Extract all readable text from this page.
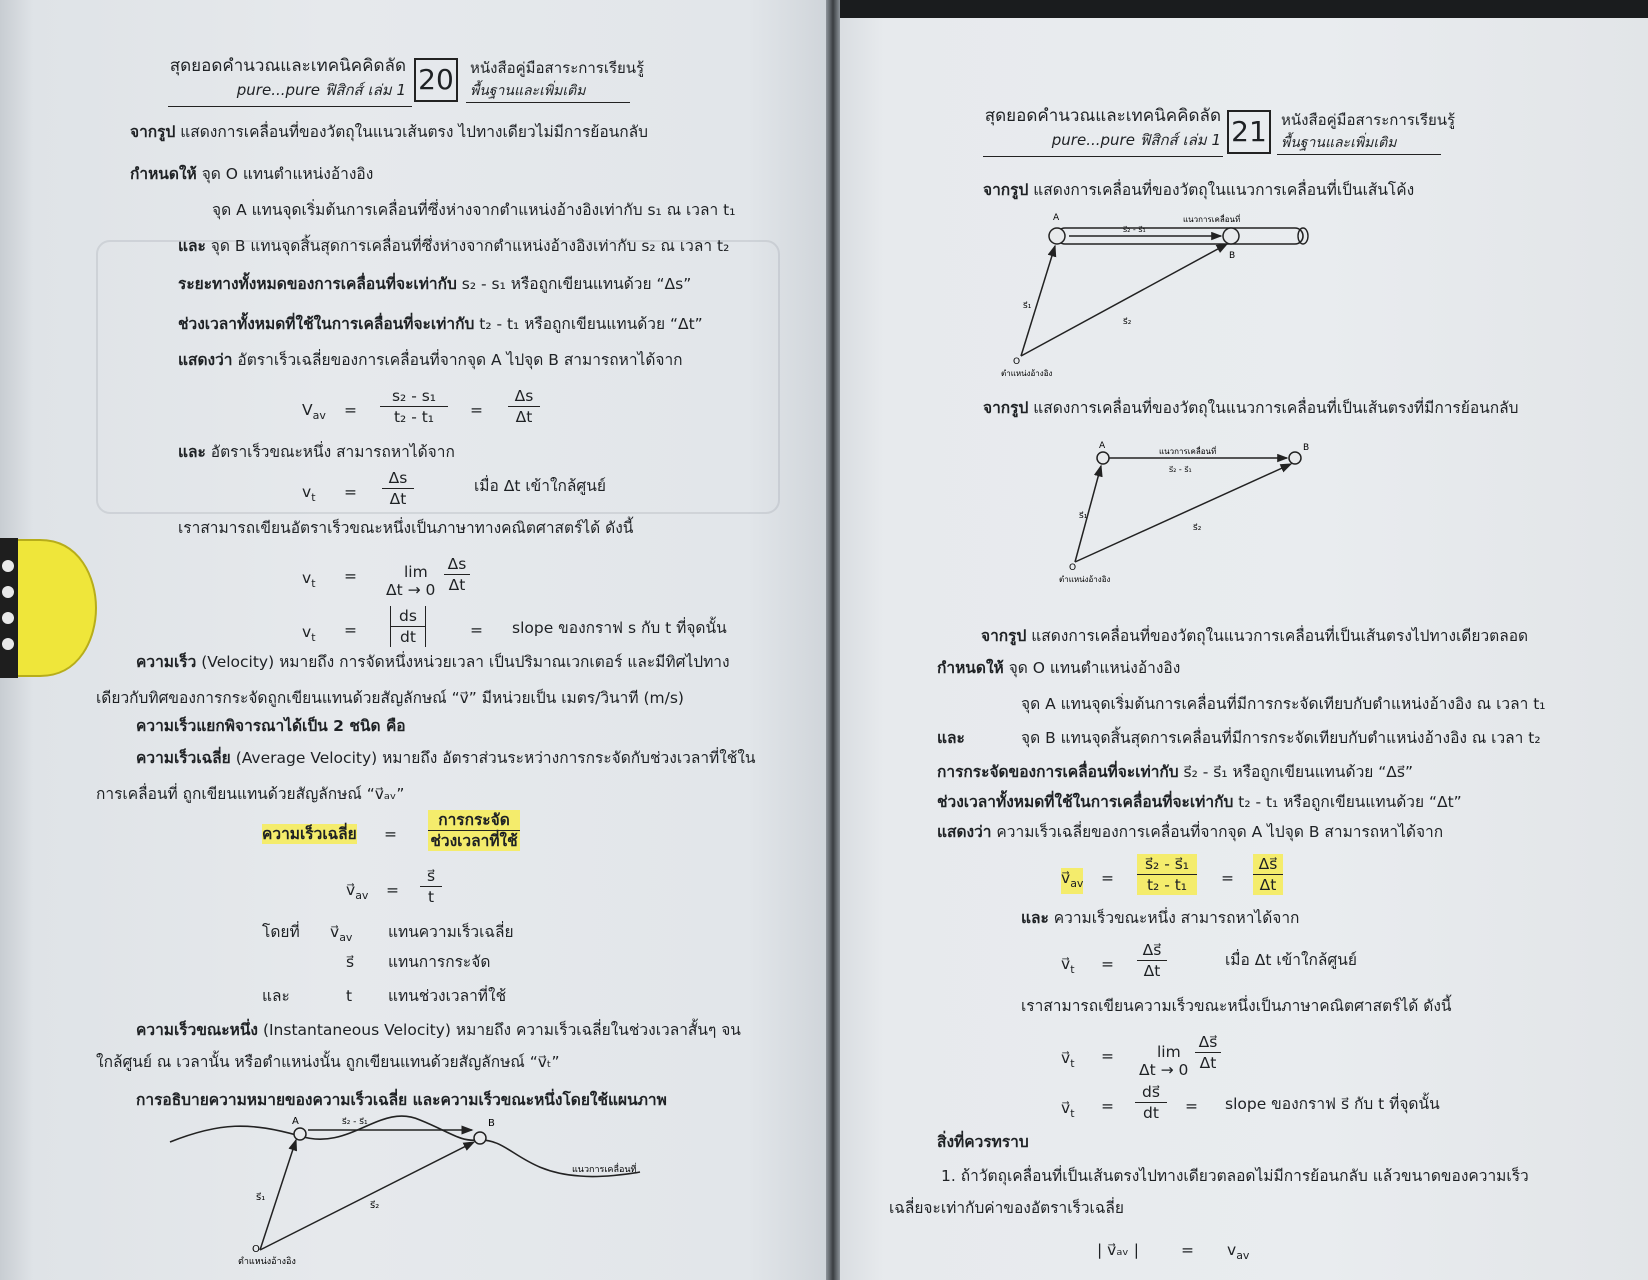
สุดยอดคำนวณและเทคนิคคิดลัด
pure...pure ฟิสิกส์ เล่ม 1 20 หนังสือคู่มือสาระการเรียนรู้
พื้นฐานและเพิ่มเติม
จากรูป แสดงการเคลื่อนที่ของวัตถุในแนวเส้นตรง ไปทางเดียวไม่มีการย้อนกลับ
กำหนดให้ จุด O แทนตำแหน่งอ้างอิง
จุด A แทนจุดเริ่มต้นการเคลื่อนที่ซึ่งห่างจากตำแหน่งอ้างอิงเท่ากับ s₁ ณ เวลา t₁
และ จุด B แทนจุดสิ้นสุดการเคลื่อนที่ซึ่งห่างจากตำแหน่งอ้างอิงเท่ากับ s₂ ณ เวลา t₂
ระยะทางทั้งหมดของการเคลื่อนที่จะเท่ากับ s₂ - s₁ หรือถูกเขียนแทนด้วย “Δs”
ช่วงเวลาทั้งหมดที่ใช้ในการเคลื่อนที่จะเท่ากับ t₂ - t₁ หรือถูกเขียนแทนด้วย “Δt”
แสดงว่า อัตราเร็วเฉลี่ยของการเคลื่อนที่จากจุด A ไปจุด B สามารถหาได้จาก
$V_{av} = \frac{\text{s₂ - s₁}}{\text{t₂ - t₁}} = \frac{\Delta s}{\Delta t}$
และ อัตราเร็วขณะหนึ่ง สามารถหาได้จาก
$v_t = \frac{\Delta s}{\Delta t}$	เมื่อ Δt เข้าใกล้ศูนย์
เราสามารถเขียนอัตราเร็วขณะหนึ่งเป็นภาษาทางคณิตศาสตร์ได้ ดังนี้
$v_t$ =	lim
$\Delta t \to 0 \frac{\Delta s}{\Delta t}$
$v_t = \frac{ds}{dt}$	= slope ของกราฟ s กับ t ที่จุดนั้น
ความเร็ว (Velocity) หมายถึง การจัดหนึ่งหน่วยเวลา เป็นปริมาณเวกเตอร์ และมีทิศไปทาง
เดียวกับทิศของการกระจัดถูกเขียนแทนด้วยสัญลักษณ์ “v⃗” มีหน่วยเป็น เมตร/วินาที (m/s)
ความเร็วแยกพิจารณาได้เป็น 2 ชนิด คือ
ความเร็วเฉลี่ย (Average Velocity) หมายถึง อัตราส่วนระหว่างการกระจัดกับช่วงเวลาที่ใช้ใน
การเคลื่อนที่ ถูกเขียนแทนด้วยสัญลักษณ์ “v⃗ₐᵥ”
ความเร็วเฉลี่ย =
การกระจัด
ช่วงเวลาที่ใช้
$v⃗_{av} = \frac{s⃗}{t}$
โดยที่ $v⃗_{av}$ แทนความเร็วเฉลี่ย
s⃗ แทนการกระจัด
และ	t แทนช่วงเวลาที่ใช้
ความเร็วขณะหนึ่ง (Instantaneous Velocity) หมายถึง ความเร็วเฉลี่ยในช่วงเวลาสั้นๆ จน
ใกล้ศูนย์ ณ เวลานั้น หรือตำแหน่งนั้น ถูกเขียนแทนด้วยสัญลักษณ์ “v⃗ₜ”
การอธิบายความหมายของความเร็วเฉลี่ย และความเร็วขณะหนึ่งโดยใช้แผนภาพ
A	B
s⃗₂ - s⃗₁
s⃗₁
s⃗₂
O
ตำแหน่งอ้างอิง
แนวการเคลื่อนที่
สุดยอดคำนวณและเทคนิคคิดลัด
pure...pure ฟิสิกส์ เล่ม 1 21 หนังสือคู่มือสาระการเรียนรู้
พื้นฐานและเพิ่มเติม
จากรูป แสดงการเคลื่อนที่ของวัตถุในแนวการเคลื่อนที่เป็นเส้นโค้ง
A
B
แนวการเคลื่อนที่
s⃗₂ - s⃗₁
s⃗₁
s⃗₂
O
ตำแหน่งอ้างอิง
จากรูป แสดงการเคลื่อนที่ของวัตถุในแนวการเคลื่อนที่เป็นเส้นตรงที่มีการย้อนกลับ
A	B
แนวการเคลื่อนที่
s⃗₂ - s⃗₁
s⃗₁
s⃗₂
O
ตำแหน่งอ้างอิง
จากรูป แสดงการเคลื่อนที่ของวัตถุในแนวการเคลื่อนที่เป็นเส้นตรงไปทางเดียวตลอด
กำหนดให้ จุด O แทนตำแหน่งอ้างอิง
จุด A แทนจุดเริ่มต้นการเคลื่อนที่มีการกระจัดเทียบกับตำแหน่งอ้างอิง ณ เวลา t₁
และ	จุด B แทนจุดสิ้นสุดการเคลื่อนที่มีการกระจัดเทียบกับตำแหน่งอ้างอิง ณ เวลา t₂
การกระจัดของการเคลื่อนที่จะเท่ากับ s⃗₂ - s⃗₁ หรือถูกเขียนแทนด้วย “Δs⃗”
ช่วงเวลาทั้งหมดที่ใช้ในการเคลื่อนที่จะเท่ากับ t₂ - t₁ หรือถูกเขียนแทนด้วย “Δt”
แสดงว่า ความเร็วเฉลี่ยของการเคลื่อนที่จากจุด A ไปจุด B สามารถหาได้จาก
$v⃗_{av} = \frac{\text{s⃗₂ - s⃗₁}}{\text{t₂ - t₁}} = \frac{\Delta s⃗}{\Delta t}$
และ ความเร็วขณะหนึ่ง สามารถหาได้จาก
$v⃗_t = \frac{\Delta s⃗}{\Delta t}$	เมื่อ Δt เข้าใกล้ศูนย์
เราสามารถเขียนความเร็วขณะหนึ่งเป็นภาษาคณิตศาสตร์ได้ ดังนี้
$v⃗_t$ =	lim
$\Delta t \to 0 \frac{\Delta s⃗}{\Delta t}$
$v⃗_t = \frac{ds⃗}{dt}$ = slope ของกราฟ s⃗ กับ t ที่จุดนั้น
สิ่งที่ควรทราบ
1. ถ้าวัตถุเคลื่อนที่เป็นเส้นตรงไปทางเดียวตลอดไม่มีการย้อนกลับ แล้วขนาดของความเร็ว
เฉลี่ยจะเท่ากับค่าของอัตราเร็วเฉลี่ย
| v⃗ₐᵥ |	= $v_{av}$
